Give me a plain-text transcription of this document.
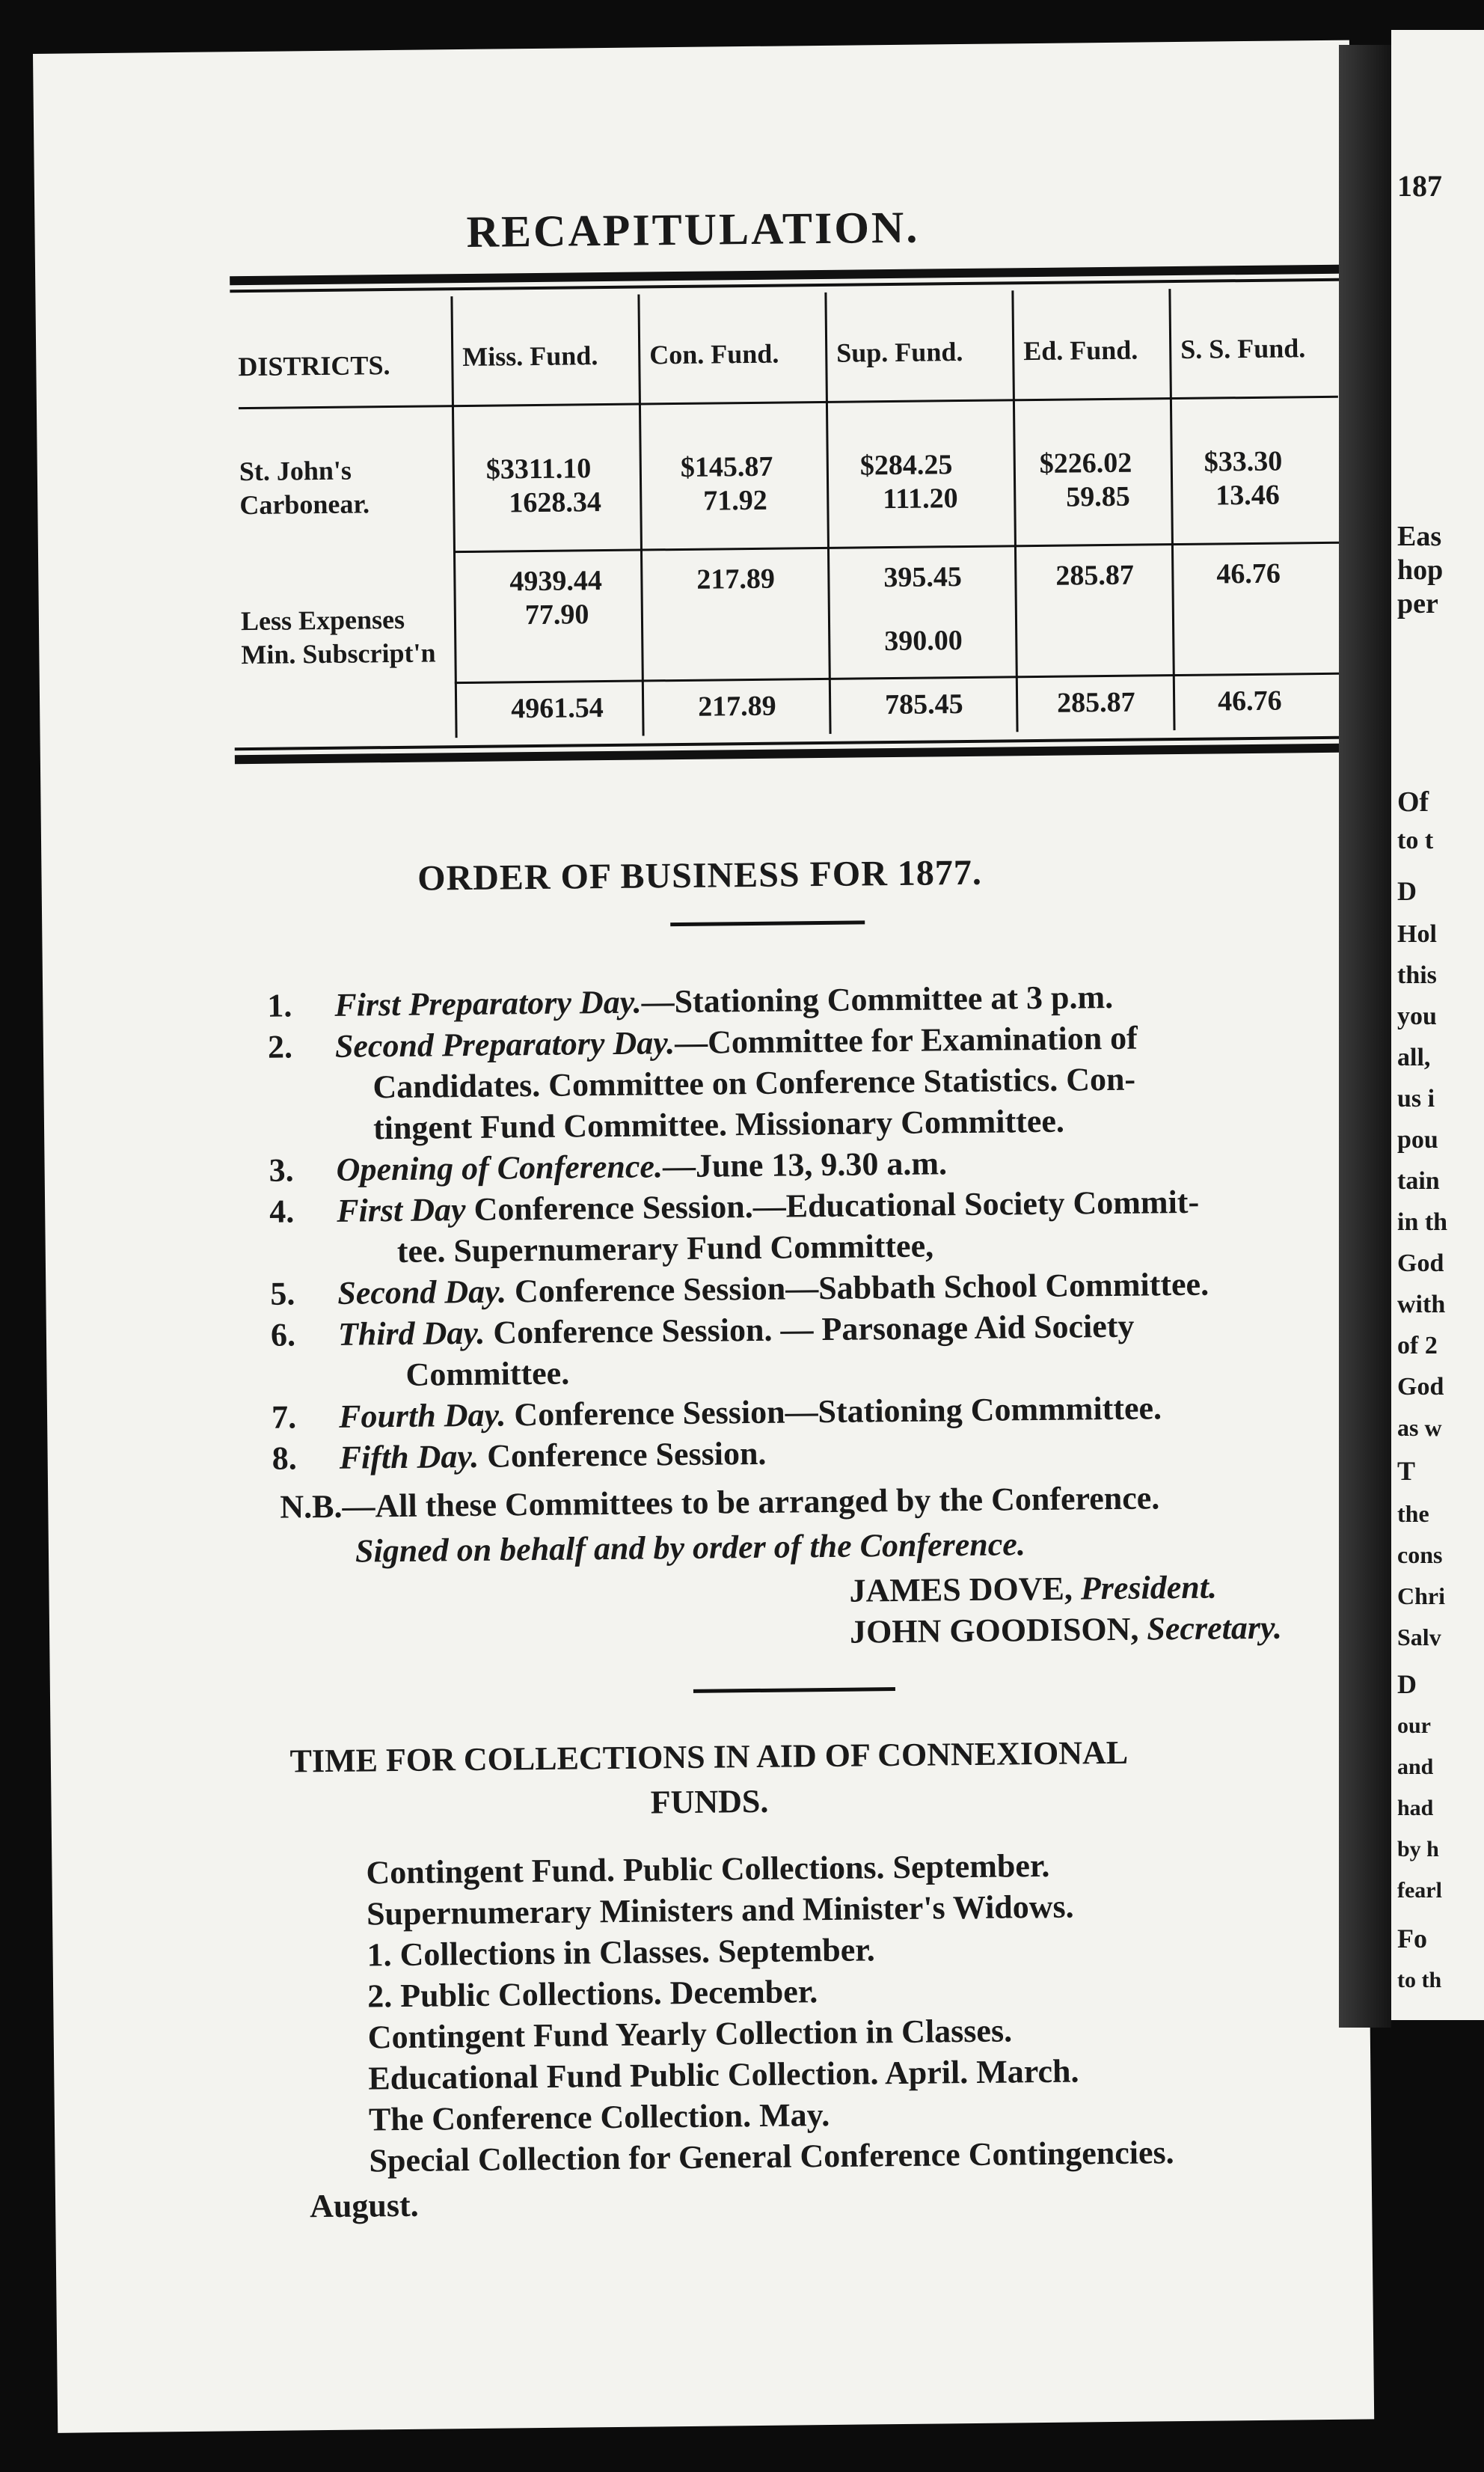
RECAPITULATION.
DISTRICTS.	Miss. Fund. Con. Fund. Sup. Fund. Ed. Fund. S. S. Fund.
St. John's
Carbonear.
Less Expenses
Min. Subscript'n
$3311.10
1628.34
4939.44
77.90
4961.54
$145.87
71.92
217.89
217.89
$284.25
111.20
395.45
390.00
785.45
$226.02
59.85
285.87
285.87
$33.30
13.46
46.76
46.76
ORDER OF BUSINESS FOR 1877.
1. First Preparatory Day.—Stationing Committee at 3 p.m.
2. Second Preparatory Day.—Committee for Examination of
Candidates. Committee on Conference Statistics. Con-
tingent Fund Committee. Missionary Committee.
3. Opening of Conference.—June 13, 9.30 a.m.
4. First Day Conference Session.—Educational Society Commit-
tee. Supernumerary Fund Committee,
5. Second Day. Conference Session—Sabbath School Committee.
6. Third Day. Conference Session. — Parsonage Aid Society
Committee.
7. Fourth Day. Conference Session—Stationing Commmittee.
8. Fifth Day. Conference Session.
N.B.—All these Committees to be arranged by the Conference.
Signed on behalf and by order of the Conference.
JAMES DOVE, President.
JOHN GOODISON, Secretary.
TIME FOR COLLECTIONS IN AID OF CONNEXIONAL
FUNDS.
Contingent Fund. Public Collections. September.
Supernumerary Ministers and Minister's Widows.
1. Collections in Classes. September.
2. Public Collections. December.
Contingent Fund Yearly Collection in Classes.
Educational Fund Public Collection. April. March.
The Conference Collection. May.
Special Collection for General Conference Contingencies.
August.
187
Eas
hop
per
Of
to t
D
Hol
this
you
all,
us i
pou
tain
in th
God
with
of 2
God
as w
T
the
cons
Chri
Salv
D
our
and
had
by h
fearl
Fo
to th
